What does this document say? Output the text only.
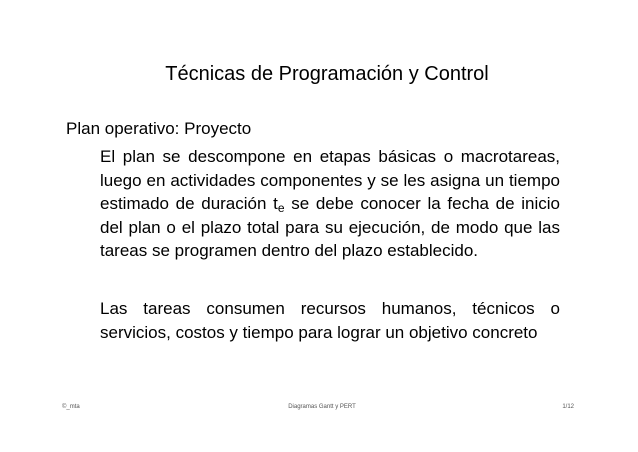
Técnicas de Programación y Control
Plan operativo: Proyecto

El plan se descompone en etapas básicas o macrotareas, luego en actividades componentes y se les asigna un tiempo estimado de duración $t_e$ se debe conocer la fecha de inicio del plan o el plazo total para su ejecución, de modo que las tareas se programen dentro del plazo establecido.

Las tareas consumen recursos humanos, técnicos o servicios, costos y tiempo para lograr un objetivo concreto

©_mta	Diagramas Gantt y PERT	1/12
